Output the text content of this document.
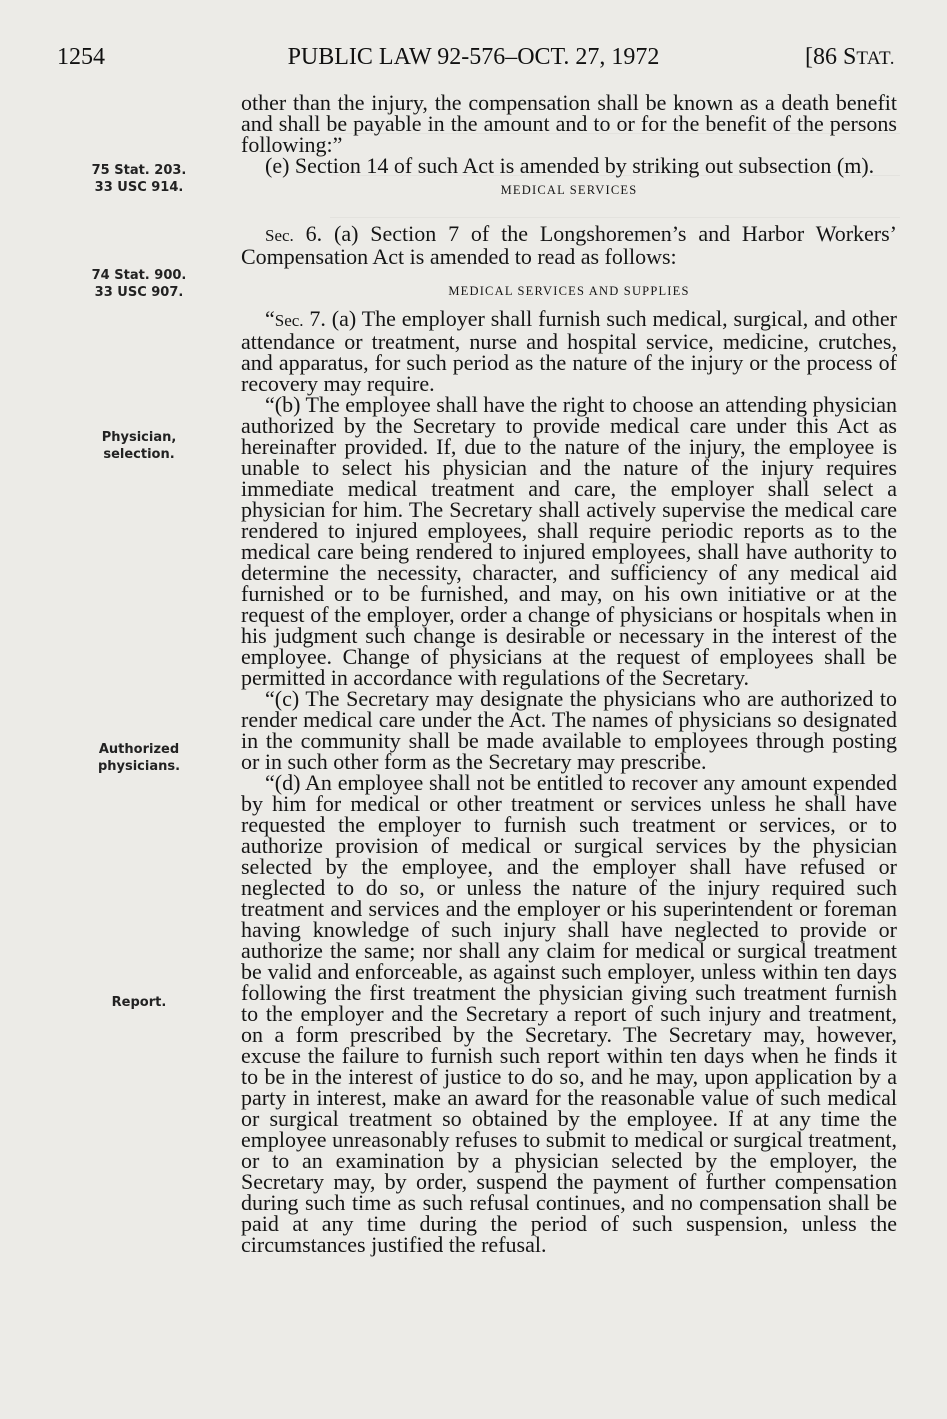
1254	PUBLIC LAW 92-576–OCT. 27, 1972	[86 STAT.
75 Stat. 203.
33 USC 914.
74 Stat. 900.
33 USC 907.
Physician,
selection.
Authorized
physicians.
Report.

other than the injury, the compensation shall be known as a death benefit and shall be payable in the amount and to or for the benefit of the persons following:”

(e) Section 14 of such Act is amended by striking out subsection (m).

MEDICAL SERVICES

Sec. 6. (a) Section 7 of the Longshoremen’s and Harbor Workers’ Compensation Act is amended to read as follows:

MEDICAL SERVICES AND SUPPLIES

“Sec. 7. (a) The employer shall furnish such medical, surgical, and other attendance or treatment, nurse and hospital service, medicine, crutches, and apparatus, for such period as the nature of the injury or the process of recovery may require.

“(b) The employee shall have the right to choose an attending physician authorized by the Secretary to provide medical care under this Act as hereinafter provided. If, due to the nature of the injury, the employee is unable to select his physician and the nature of the injury requires immediate medical treatment and care, the employer shall select a physician for him. The Secretary shall actively supervise the medical care rendered to injured employees, shall require periodic reports as to the medical care being rendered to injured employees, shall have authority to determine the necessity, character, and sufficiency of any medical aid furnished or to be furnished, and may, on his own initiative or at the request of the employer, order a change of physicians or hospitals when in his judgment such change is desirable or necessary in the interest of the employee. Change of physicians at the request of employees shall be permitted in accordance with regulations of the Secretary.

“(c) The Secretary may designate the physicians who are authorized to render medical care under the Act. The names of physicians so designated in the community shall be made available to employees through posting or in such other form as the Secretary may prescribe.

“(d) An employee shall not be entitled to recover any amount expended by him for medical or other treatment or services unless he shall have requested the employer to furnish such treatment or services, or to authorize provision of medical or surgical services by the physician selected by the employee, and the employer shall have refused or neglected to do so, or unless the nature of the injury required such treatment and services and the employer or his superintendent or foreman having knowledge of such injury shall have neglected to provide or authorize the same; nor shall any claim for medical or surgical treatment be valid and enforceable, as against such employer, unless within ten days following the first treatment the physician giving such treatment furnish to the employer and the Secretary a report of such injury and treatment, on a form prescribed by the Secretary. The Secretary may, however, excuse the failure to furnish such report within ten days when he finds it to be in the interest of justice to do so, and he may, upon application by a party in interest, make an award for the reasonable value of such medical or surgical treatment so obtained by the employee. If at any time the employee unreasonably refuses to submit to medical or surgical treatment, or to an examination by a physician selected by the employer, the Secretary may, by order, suspend the payment of further compensation during such time as such refusal continues, and no compensation shall be paid at any time during the period of such suspension, unless the circumstances justified the refusal.
